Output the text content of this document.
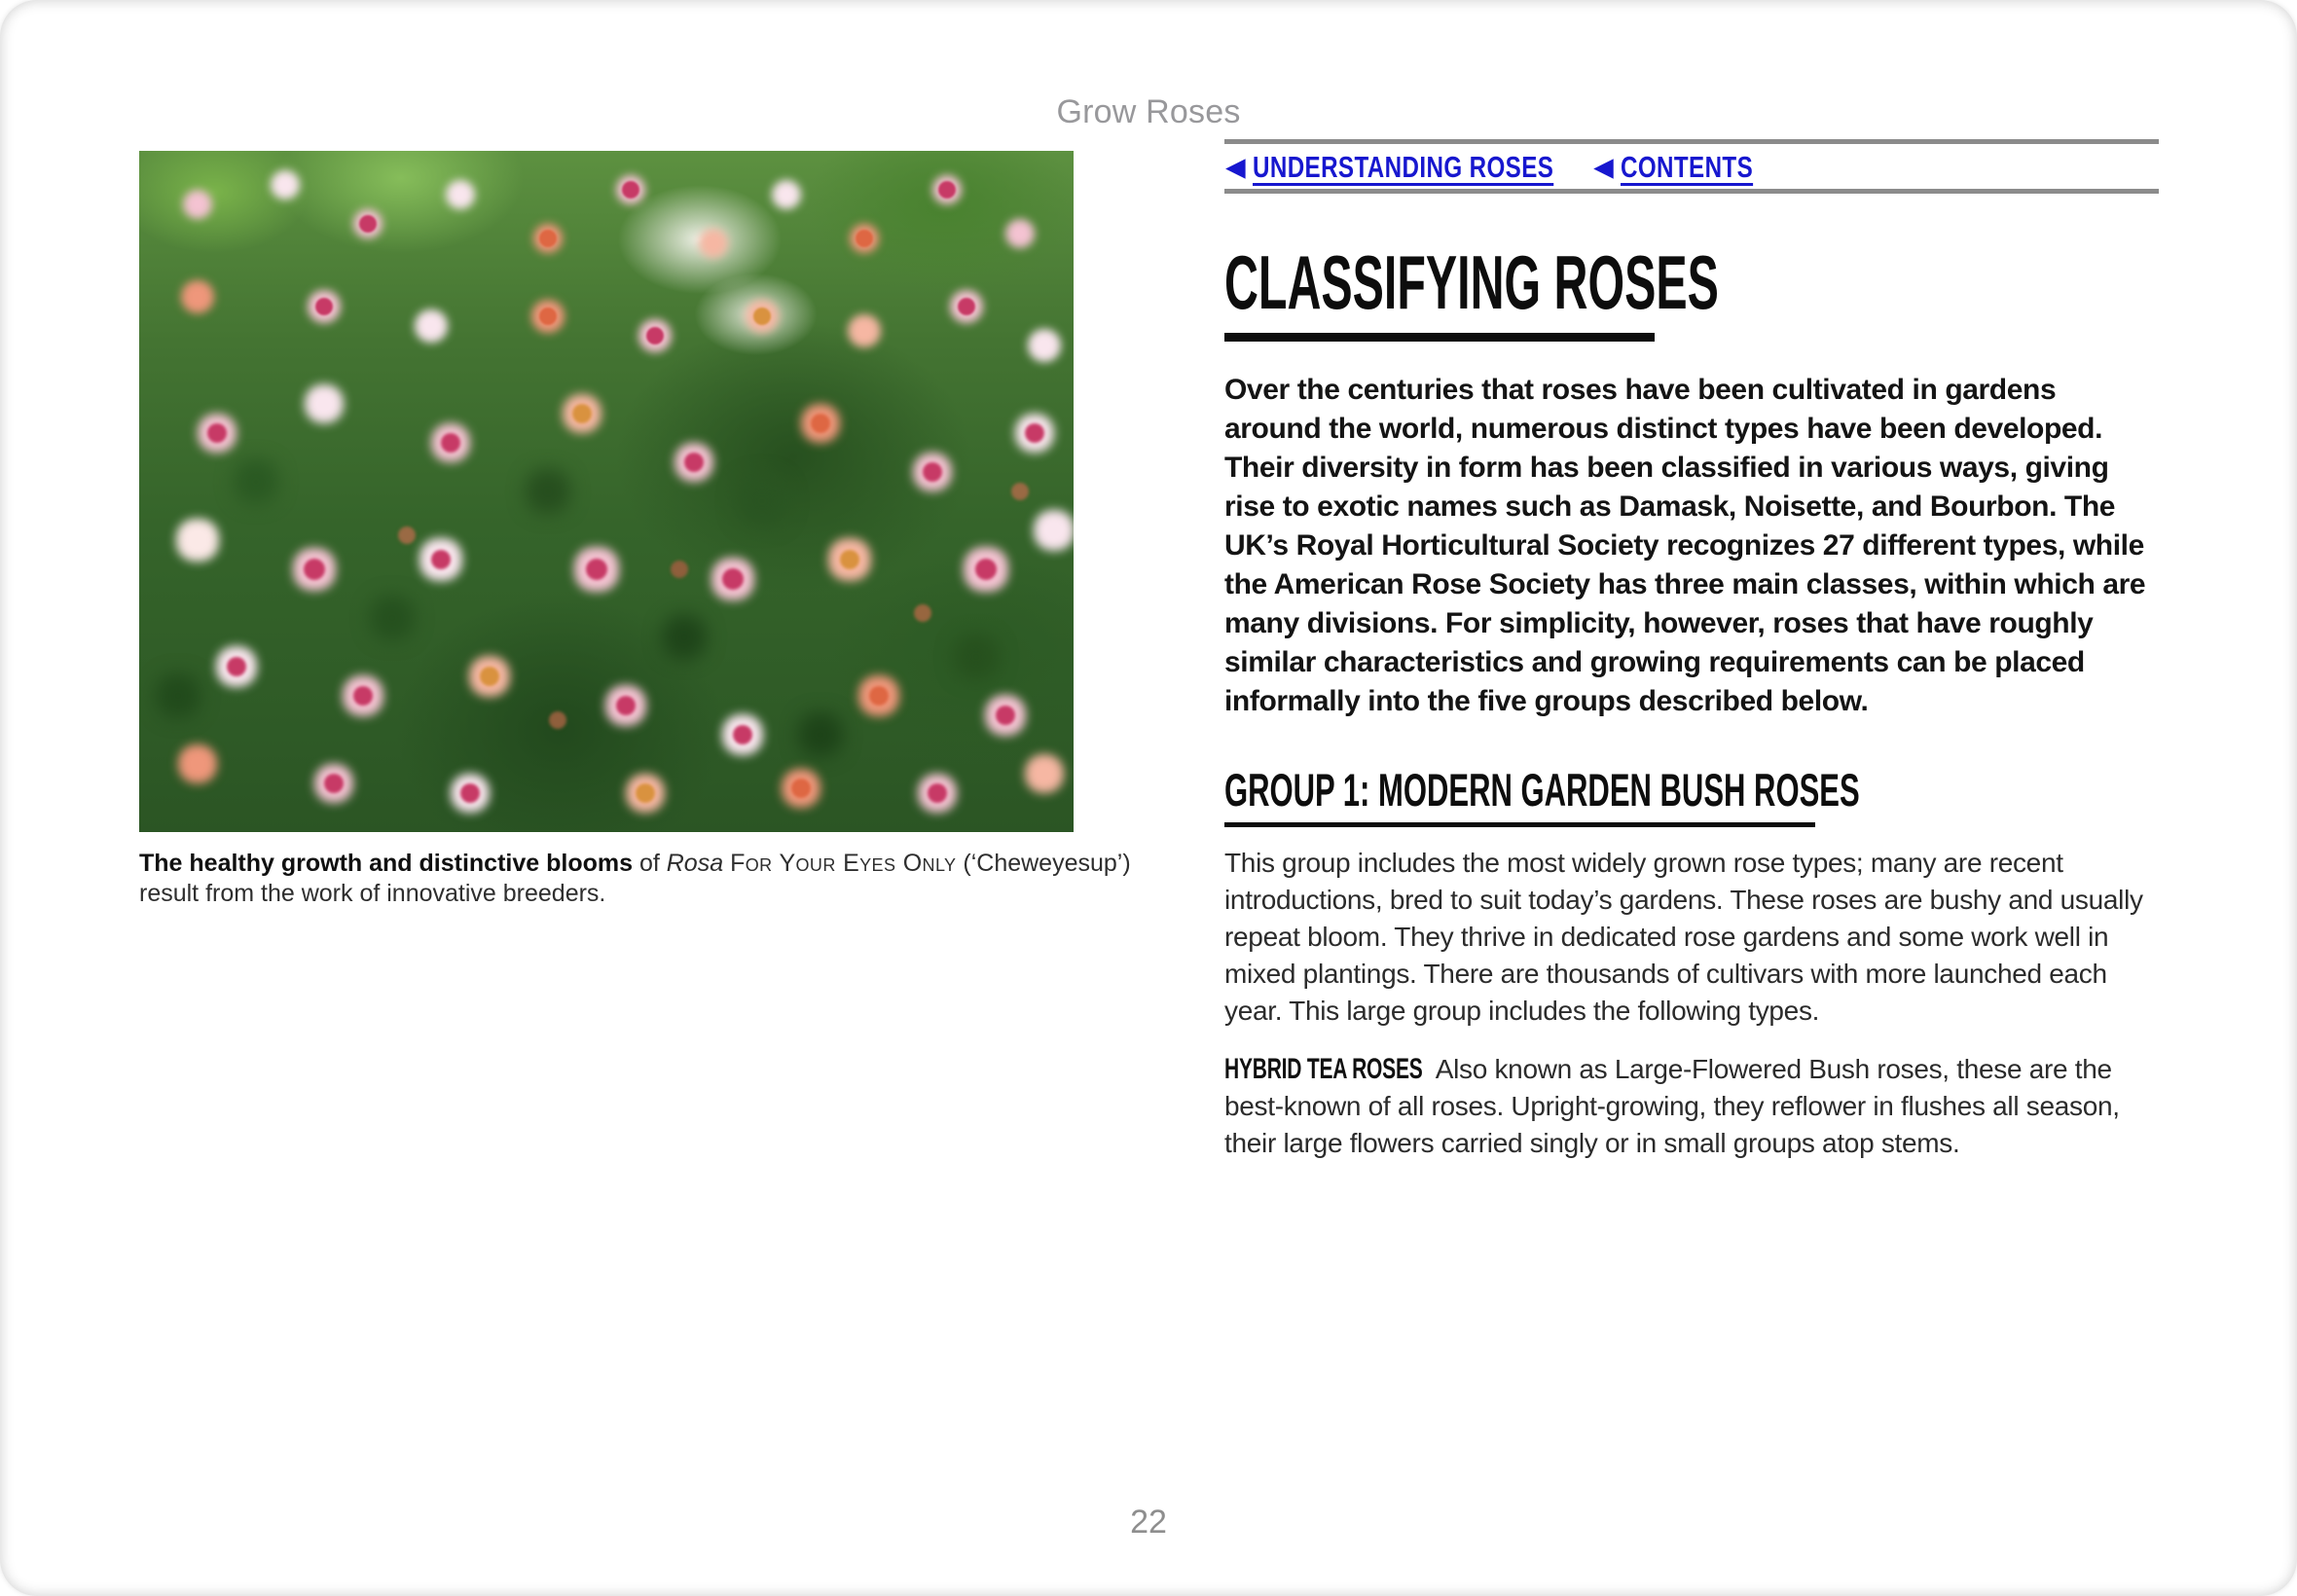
Grow Roses
The healthy growth and distinctive blooms of Rosa For Your Eyes Only (‘Cheweyesup’)
result from the work of innovative breeders.
◀ UNDERSTANDING ROSES ◀ CONTENTS
CLASSIFYING ROSES

Over the centuries that roses have been cultivated in gardens around the world, numerous distinct types have been developed. Their diversity in form has been classified in various ways, giving rise to exotic names such as Damask, Noisette, and Bourbon. The UK’s Royal Horticultural Society recognizes 27 different types, while the American Rose Society has three main classes, within which are many divisions. For simplicity, however, roses that have roughly similar characteristics and growing requirements can be placed informally into the five groups described below.

GROUP 1: MODERN GARDEN BUSH ROSES

This group includes the most widely grown rose types; many are recent introductions, bred to suit today’s gardens. These roses are bushy and usually repeat bloom. They thrive in dedicated rose gardens and some work well in mixed plantings. There are thousands of cultivars with more launched each year. This large group includes the following types.

HYBRID TEA ROSES Also known as Large-Flowered Bush roses, these are the best-known of all roses. Upright-growing, they reflower in flushes all season, their large flowers carried singly or in small groups atop stems.

22
